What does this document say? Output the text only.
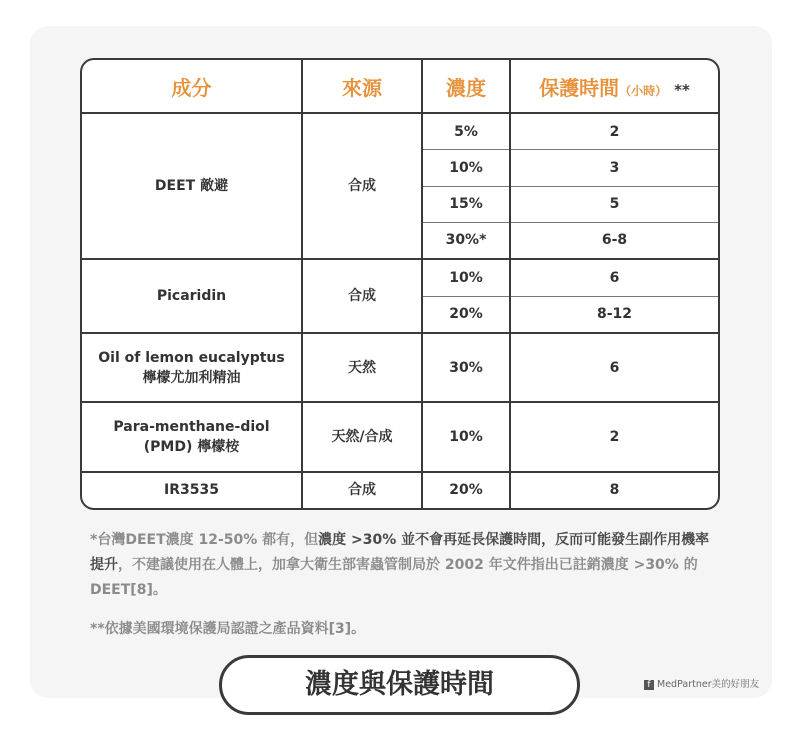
成分	來源	濃度	保護時間（小時） **
DEET 敵避	合成	5%	2
		10%	3
		15%	5
		30%*	6-8
Picaridin	合成	10%	6
		20%	8-12
Oil of lemon eucalyptus
檸檬尤加利精油	天然	30%	6
Para-menthane-diol
(PMD) 檸檬桉	天然/合成	10%	2
IR3535	合成	20%	8

*台灣DEET濃度 12-50% 都有，但濃度 >30% 並不會再延長保護時間，反而可能發生副作用機率提升，不建議使用在人體上，加拿大衛生部害蟲管制局於 2002 年文件指出已註銷濃度 >30% 的 DEET[8]。

**依據美國環境保護局認證之產品資料[3]。

濃度與保護時間	f MedPartner美的好朋友
